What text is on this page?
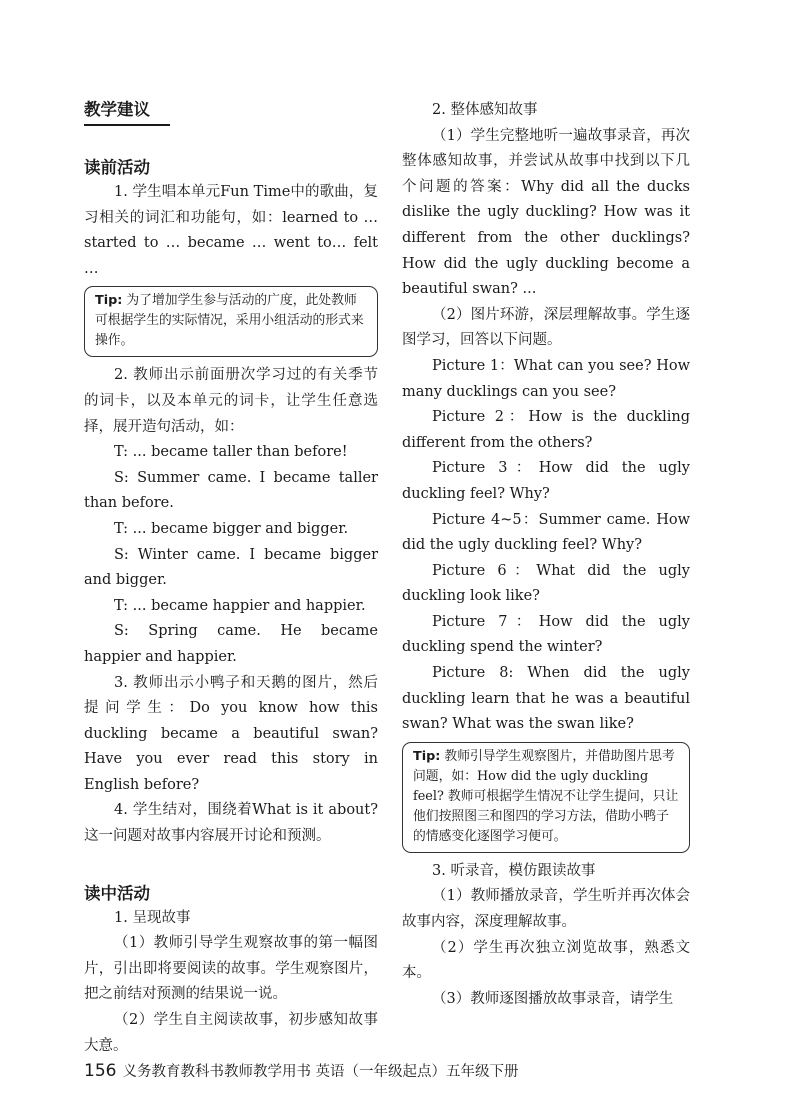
教学建议

读前活动

1. 学生唱本单元Fun Time中的歌曲，复习相关的词汇和功能句，如：learned to … started to … became … went to… felt …

Tip: 为了增加学生参与活动的广度，此处教师可根据学生的实际情况，采用小组活动的形式来操作。

2. 教师出示前面册次学习过的有关季节的词卡，以及本单元的词卡，让学生任意选择，展开造句活动，如：

T: ... became taller than before!

S: Summer came. I became taller than before.

T: ... became bigger and bigger.

S: Winter came. I became bigger and bigger.

T: ... became happier and happier.

S: Spring came. He became happier and happier.

3. 教师出示小鸭子和天鹅的图片，然后提问学生：Do you know how this duckling became a beautiful swan? Have you ever read this story in English before?

4. 学生结对，围绕着What is it about?这一问题对故事内容展开讨论和预测。

读中活动

1. 呈现故事

（1）教师引导学生观察故事的第一幅图片，引出即将要阅读的故事。学生观察图片，把之前结对预测的结果说一说。

（2）学生自主阅读故事，初步感知故事大意。

2. 整体感知故事

（1）学生完整地听一遍故事录音，再次整体感知故事，并尝试从故事中找到以下几个问题的答案：Why did all the ducks dislike the ugly duckling? How was it different from the other ducklings? How did the ugly duckling become a beautiful swan? ...

（2）图片环游，深层理解故事。学生逐图学习，回答以下问题。

Picture 1：What can you see? How many ducklings can you see?

Picture 2：How is the duckling different from the others?

Picture 3：How did the ugly duckling feel? Why?

Picture 4~5：Summer came. How did the ugly duckling feel? Why?

Picture 6：What did the ugly duckling look like?

Picture 7：How did the ugly duckling spend the winter?

Picture 8: When did the ugly duckling learn that he was a beautiful swan? What was the swan like?

Tip: 教师引导学生观察图片，并借助图片思考问题，如：How did the ugly duckling feel? 教师可根据学生情况不让学生提问，只让他们按照图三和图四的学习方法，借助小鸭子的情感变化逐图学习便可。

3. 听录音，模仿跟读故事

（1）教师播放录音，学生听并再次体会故事内容，深度理解故事。

（2）学生再次独立浏览故事，熟悉文本。

（3）教师逐图播放故事录音，请学生

156 义务教育教科书教师教学用书 英语（一年级起点）五年级下册
